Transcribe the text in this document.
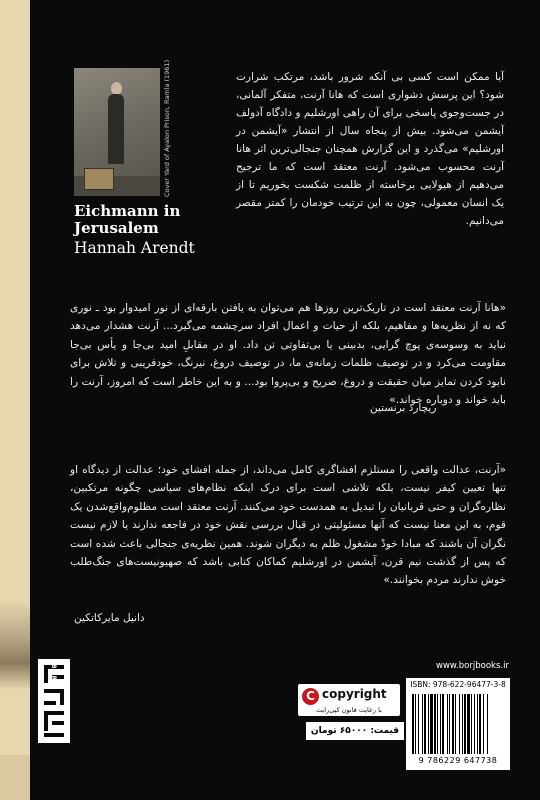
Cover Yard of Ayalon Prison, Ramla (1961)
Eichmann in
Jerusalem
Hannah Arendt
آیا ممکن است کسی بی آنکه شرور باشد، مرتکب شرارت شود؟ این پرسش دشواری است که هانا آرنت، متفکر آلمانی، در جست‌وجوی پاسخی برای آن راهی اورشلیم و دادگاه آدولف آیشمن می‌شود. بیش از پنجاه سال از انتشار «آیشمن در اورشلیم» می‌گذرد و این گزارش همچنان جنجالی‌ترین اثر هانا آرنت محسوب می‌شود. آرنت معتقد است که ما ترجیح می‌دهیم از هیولایی برخاسته از ظلمت شکست بخوریم تا از یک انسان معمولی، چون به این ترتیب خودمان را کمتر مقصر می‌دانیم.
«هانا آرنت معتقد است در تاریک‌ترین روزها هم می‌توان به یافتن بارقه‌ای از نور امیدوار بود ـ نوری که نه از نظریه‌ها و مفاهیم، بلکه از حیات و اعمال افراد سرچشمه می‌گیرد... آرنت هشدار می‌دهد نباید به وسوسه‌ی پوچ گرایی، بدبینی یا بی‌تفاوتی تن داد. او در مقابلِ امید بی‌جا و یأس بی‌جا مقاومت می‌کرد و در توصیف ظلمات زمانه‌ی ما، در توصیف دروغ، نیرنگ، خودفریبی و تلاش برای نابود کردن تمایز میان حقیقت و دروغ، صریح و بی‌پروا بود... و به این خاطر است که امروز، آرنت را باید خواند و دوباره خواند.»
ریچارد برنستین
«آرنت، عدالت واقعی را مستلزم افشاگری کامل می‌داند، از جمله افشای خود؛ عدالت از دیدگاه او تنها تعیین کیفر نیست، بلکه تلاشی است برای درک اینکه نظام‌های سیاسی چگونه مرتکبین، نظاره‌گران و حتی قربانیان را تبدیل به همدست خود می‌کنند. آرنت معتقد است مظلوم‌واقع‌شدن یک قوم، به این معنا نیست که آنها مسئولیتی در قبال بررسی نقش خود در فاجعه ندارند یا لازم نیست نگران آن باشند که مبادا خودْ مشغول ظلم به دیگران شوند. همین نظریه‌ی جنجالی باعث شده است که پس از گذشت نیم قرن، آیشمن در اورشلیم کماکان کتابی باشد که صهیونیست‌های جنگ‌طلب خوش ندارند مردم بخوانند.»
دانیل مایرکاتکین
BORJ	www.borjbooks.ir
C copyright
با رعایت قانون کپی‌رایت
قیمت: ۶۵۰۰۰ تومان
ISBN: 978-622-96477-3-8
9 786229 647738
